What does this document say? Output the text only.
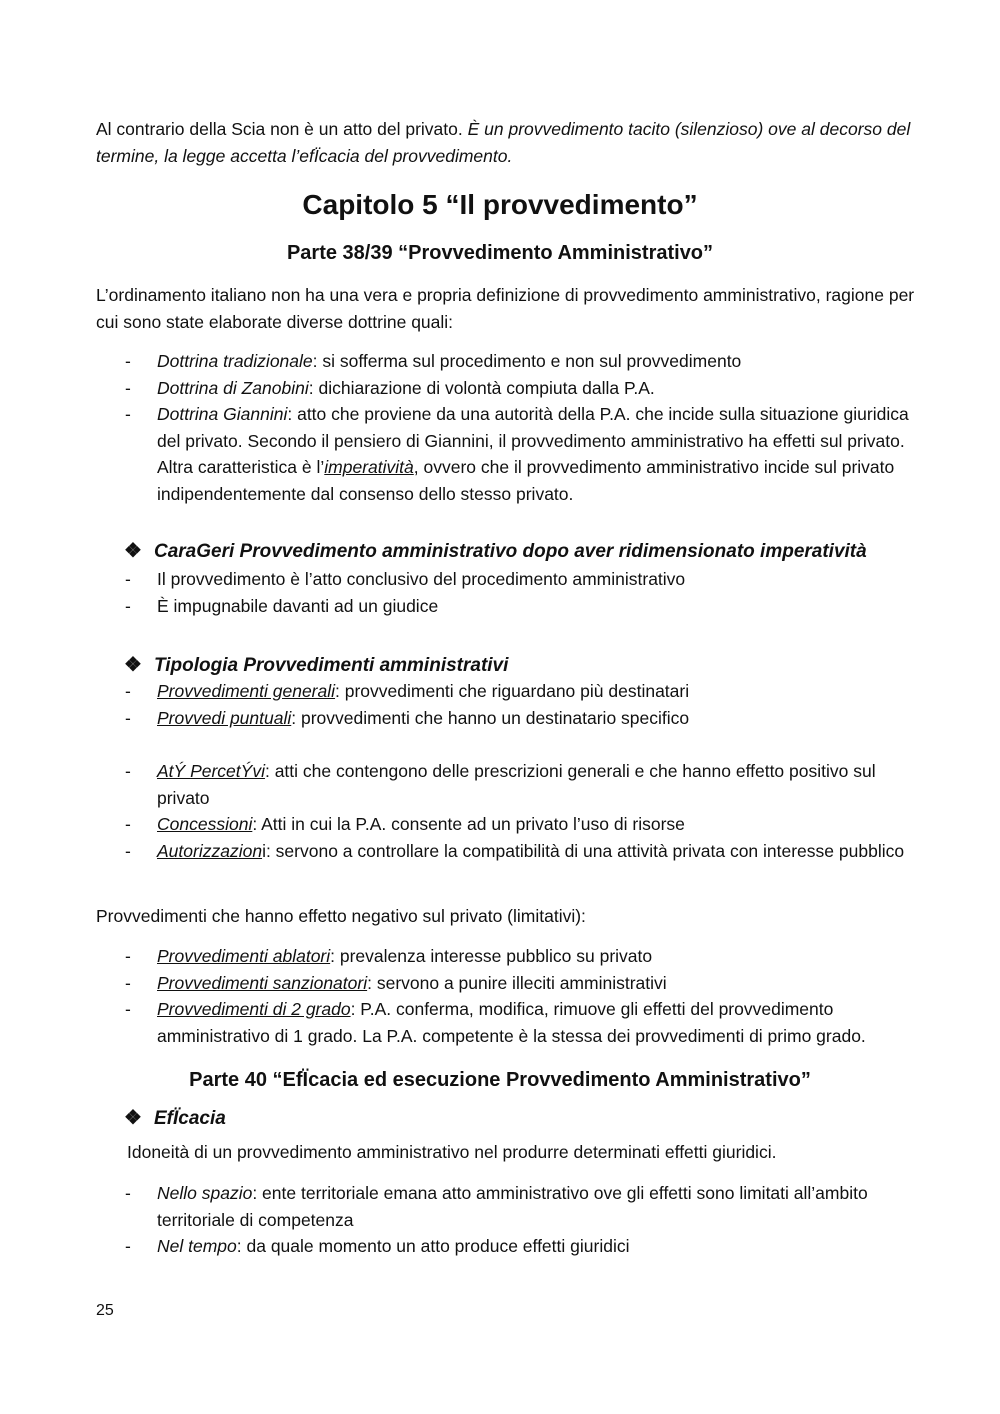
Al contrario della Scia non è un atto del privato. È un provvedimento tacito (silenzioso) ove al decorso del termine, la legge accetta l’efÏcacia del provvedimento.

Capitolo 5 “Il provvedimento”
Parte 38/39 “Provvedimento Amministrativo”

L’ordinamento italiano non ha una vera e propria definizione di provvedimento amministrativo, ragione per cui sono state elaborate diverse dottrine quali:

- Dottrina tradizionale: si sofferma sul procedimento e non sul provvedimento
- Dottrina di Zanobini: dichiarazione di volontà compiuta dalla P.A.
- Dottrina Giannini: atto che proviene da una autorità della P.A. che incide sulla situazione giuridica del privato. Secondo il pensiero di Giannini, il provvedimento amministrativo ha effetti sul privato. Altra caratteristica è l’imperatività, ovvero che il provvedimento amministrativo incide sul privato indipendentemente dal consenso dello stesso privato.
❖ CaraGeri Provvedimento amministrativo dopo aver ridimensionato imperatività
- Il provvedimento è l’atto conclusivo del procedimento amministrativo
- È impugnabile davanti ad un giudice
❖ Tipologia Provvedimenti amministrativi
- Provvedimenti generali: provvedimenti che riguardano più destinatari
- Provvedi puntuali: provvedimenti che hanno un destinatario specifico
- AtÝ PercetÝvi: atti che contengono delle prescrizioni generali e che hanno effetto positivo sul privato
- Concessioni: Atti in cui la P.A. consente ad un privato l’uso di risorse
- Autorizzazioni: servono a controllare la compatibilità di una attività privata con interesse pubblico

Provvedimenti che hanno effetto negativo sul privato (limitativi):

- Provvedimenti ablatori: prevalenza interesse pubblico su privato
- Provvedimenti sanzionatori: servono a punire illeciti amministrativi
- Provvedimenti di 2 grado: P.A. conferma, modifica, rimuove gli effetti del provvedimento amministrativo di 1 grado. La P.A. competente è la stessa dei provvedimenti di primo grado.
Parte 40 “EfÏcacia ed esecuzione Provvedimento Amministrativo”
❖ EfÏcacia

Idoneità di un provvedimento amministrativo nel produrre determinati effetti giuridici.

- Nello spazio: ente territoriale emana atto amministrativo ove gli effetti sono limitati all’ambito territoriale di competenza
- Nel tempo: da quale momento un atto produce effetti giuridici
25
